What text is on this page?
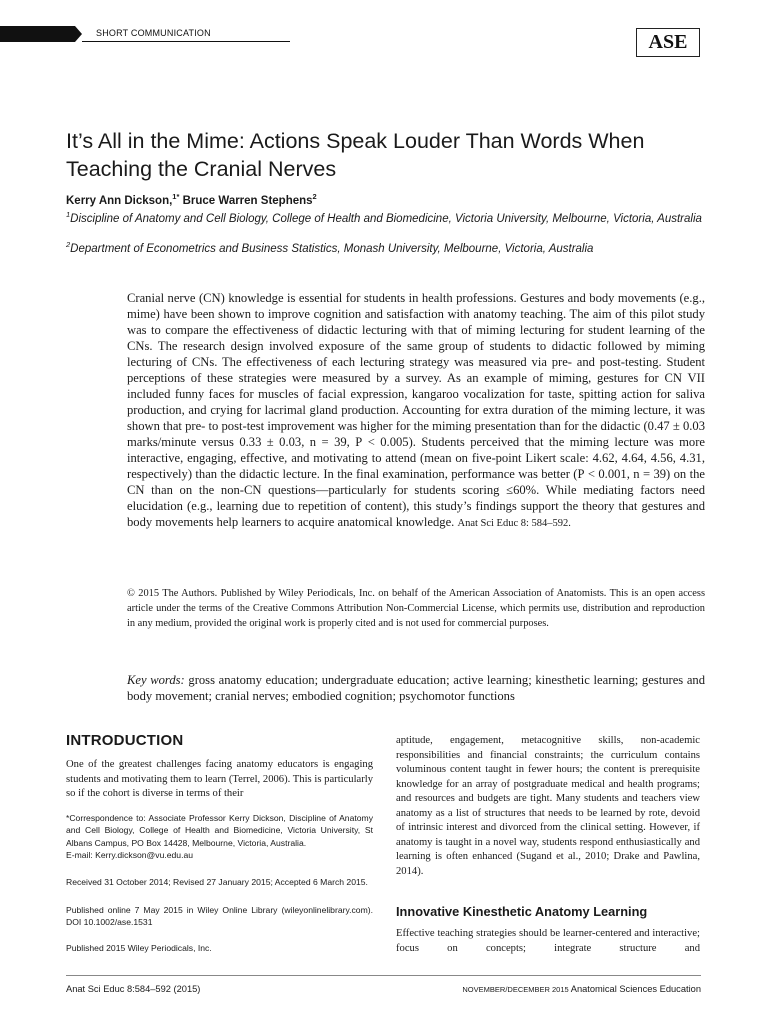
SHORT COMMUNICATION	ASE
It’s All in the Mime: Actions Speak Louder Than Words When Teaching the Cranial Nerves
Kerry Ann Dickson,$^{1*}$ Bruce Warren Stephens$^2$
$^1$Discipline of Anatomy and Cell Biology, College of Health and Biomedicine, Victoria University, Melbourne, Victoria, Australia
$^2$Department of Econometrics and Business Statistics, Monash University, Melbourne, Victoria, Australia
Cranial nerve (CN) knowledge is essential for students in health professions. Gestures and body movements (e.g., mime) have been shown to improve cognition and satisfaction with anatomy teaching. The aim of this pilot study was to compare the effectiveness of didactic lecturing with that of miming lecturing for student learning of the CNs. The research design involved exposure of the same group of students to didactic followed by miming lecturing of CNs. The effectiveness of each lecturing strategy was measured via pre- and post-testing. Student perceptions of these strategies were measured by a survey. As an example of miming, gestures for CN VII included funny faces for muscles of facial expression, kangaroo vocalization for taste, spitting action for saliva production, and crying for lacrimal gland production. Accounting for extra duration of the miming lecture, it was shown that pre- to post-test improvement was higher for the miming presentation than for the didactic (0.47 ± 0.03 marks/minute versus 0.33 ± 0.03, n = 39, P < 0.005). Students perceived that the miming lecture was more interactive, engaging, effective, and motivating to attend (mean on five-point Likert scale: 4.62, 4.64, 4.56, 4.31, respectively) than the didactic lecture. In the final examination, performance was better (P < 0.001, n = 39) on the CN than on the non-CN questions—particularly for students scoring ≤60%. While mediating factors need elucidation (e.g., learning due to repetition of content), this study’s findings support the theory that gestures and body movements help learners to acquire anatomical knowledge. Anat Sci Educ 8: 584–592.
© 2015 The Authors. Published by Wiley Periodicals, Inc. on behalf of the American Association of Anatomists. This is an open access article under the terms of the Creative Commons Attribution Non-Commercial License, which permits use, distribution and reproduction in any medium, provided the original work is properly cited and is not used for commercial purposes.
Key words: gross anatomy education; undergraduate education; active learning; kinesthetic learning; gestures and body movement; cranial nerves; embodied cognition; psychomotor functions
INTRODUCTION
One of the greatest challenges facing anatomy educators is engaging students and motivating them to learn (Terrel, 2006). This is particularly so if the cohort is diverse in terms of their
*Correspondence to: Associate Professor Kerry Dickson, Discipline of Anatomy and Cell Biology, College of Health and Biomedicine, Victoria University, St Albans Campus, PO Box 14428, Melbourne, Victoria, Australia.
E-mail: Kerry.dickson@vu.edu.au
Received 31 October 2014; Revised 27 January 2015; Accepted 6 March 2015.
Published online 7 May 2015 in Wiley Online Library (wileyonlinelibrary.com). DOI 10.1002/ase.1531
Published 2015 Wiley Periodicals, Inc.
aptitude, engagement, metacognitive skills, non-academic responsibilities and financial constraints; the curriculum contains voluminous content taught in fewer hours; the content is prerequisite knowledge for an array of postgraduate medical and health programs; and resources and budgets are tight. Many students and teachers view anatomy as a list of structures that needs to be learned by rote, devoid of intrinsic interest and divorced from the clinical setting. However, if anatomy is taught in a novel way, students respond enthusiastically and learning is often enhanced (Sugand et al., 2010; Drake and Pawlina, 2014).
Innovative Kinesthetic Anatomy Learning
Effective teaching strategies should be learner-centered and interactive; focus on concepts; integrate structure and
Anat Sci Educ 8:584–592 (2015)	NOVEMBER/DECEMBER 2015 Anatomical Sciences Education
